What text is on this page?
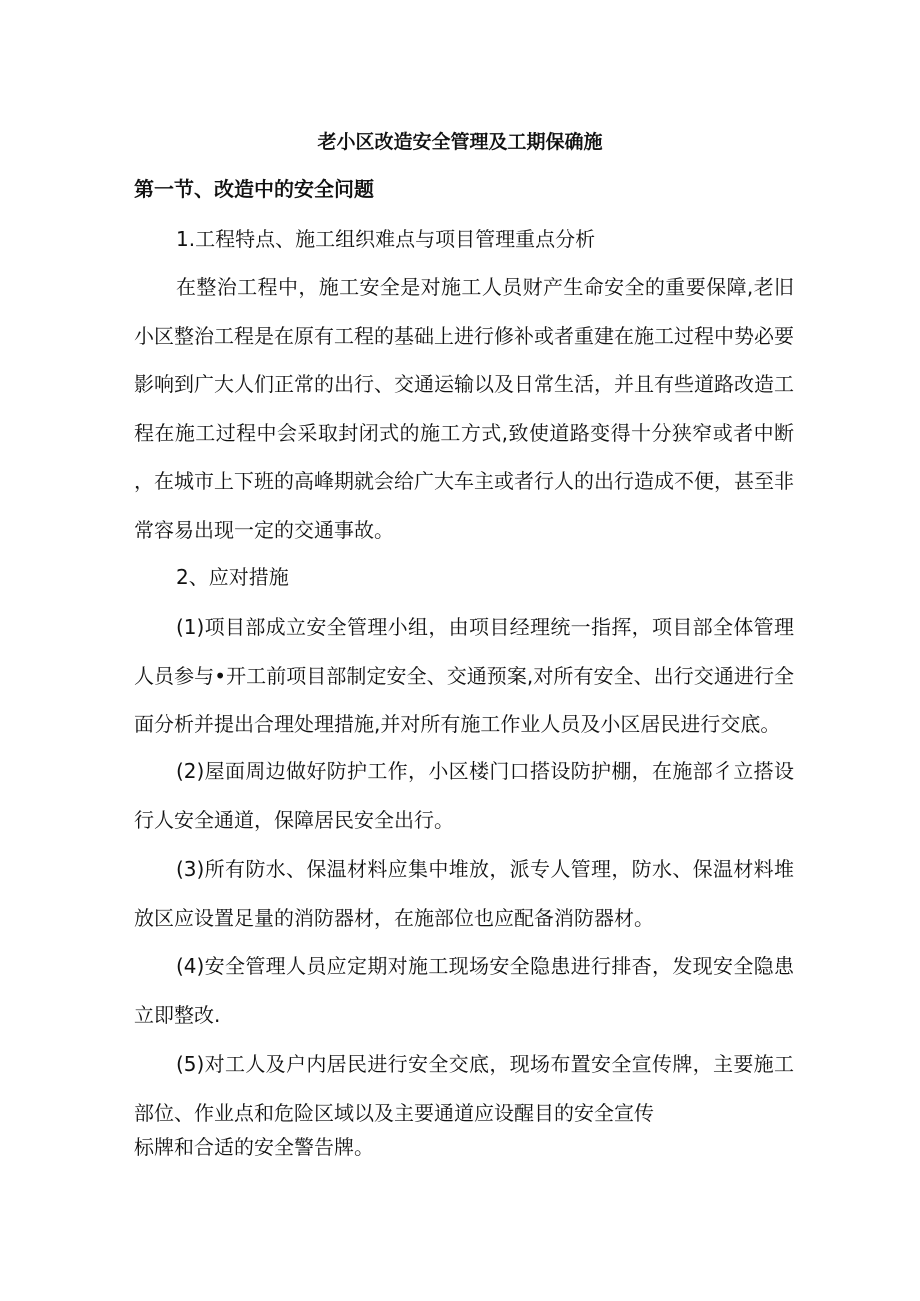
老小区改造安全管理及工期保确施
第一节、改造中的安全问题
1.工程特点、施工组织难点与项目管理重点分析

在整治工程中，施工安全是对施工人员财产生命安全的重要保障,老旧小区整治工程是在原有工程的基础上进行修补或者重建在施工过程中势必要影响到广大人们正常的出行、交通运输以及日常生活，并且有些道路改造工程在施工过程中会采取封闭式的施工方式,致使道路变得十分狭窄或者中断，在城市上下班的高峰期就会给广大车主或者行人的出行造成不便，甚至非常容易出现一定的交通事故。

2、应对措施

(1)项目部成立安全管理小组，由项目经理统一指挥，项目部全体管理人员参与•开工前项目部制定安全、交通预案,对所有安全、出行交通进行全面分析并提出合理处理措施,并对所有施工作业人员及小区居民进行交底。

(2)屋面周边做好防护工作，小区楼门口搭设防护棚，在施部彳立搭设行人安全通道，保障居民安全出行。

(3)所有防水、保温材料应集中堆放，派专人管理，防水、保温材料堆放区应设置足量的消防器材，在施部位也应配备消防器材。

(4)安全管理人员应定期对施工现场安全隐患进行排杳，发现安全隐患立即整改.

(5)对工人及户内居民进行安全交底，现场布置安全宣传牌，主要施工部位、作业点和危险区域以及主要通道应设醒目的安全宣传

标牌和合适的安全警告牌。
